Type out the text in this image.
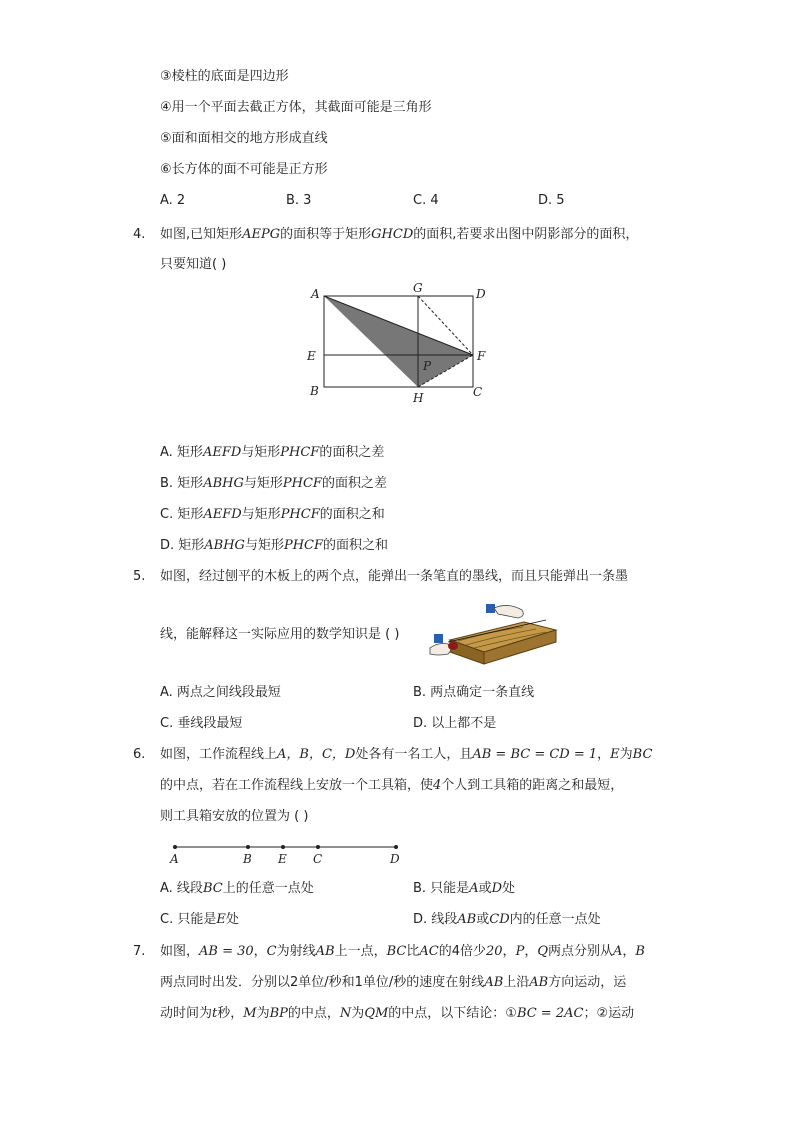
③棱柱的底面是四边形
④用一个平面去截正方体，其截面可能是三角形
⑤面和面相交的地方形成直线
⑥长方体的面不可能是正方形
A. 2	B. 3	C. 4	D. 5
4. 如图,已知矩形AEPG的面积等于矩形GHCD的面积,若要求出图中阴影部分的面积，
只要知道( )
A	G	D
E
P
F
B	H	C
A. 矩形AEFD与矩形PHCF的面积之差
B. 矩形ABHG与矩形PHCF的面积之差
C. 矩形AEFD与矩形PHCF的面积之和
D. 矩形ABHG与矩形PHCF的面积之和
5. 如图，经过刨平的木板上的两个点，能弹出一条笔直的墨线，而且只能弹出一条墨
线，能解释这一实际应用的数学知识是 ( )
A. 两点之间线段最短	B. 两点确定一条直线
C. 垂线段最短	D. 以上都不是
6. 如图，工作流程线上A，B，C，D处各有一名工人，且AB = BC = CD = 1，E为BC
的中点，若在工作流程线上安放一个工具箱，使4个人到工具箱的距离之和最短，
则工具箱安放的位置为 ( )
A	B E C	D
A. 线段BC上的任意一点处	B. 只能是A或D处
C. 只能是E处	D. 线段AB或CD内的任意一点处
7. 如图，AB = 30，C为射线AB上一点，BC比AC的4倍少20，P，Q两点分别从A，B
两点同时出发．分别以2单位/秒和1单位/秒的速度在射线AB上沿AB方向运动，运
动时间为t秒，M为BP的中点，N为QM的中点，以下结论：①BC = 2AC；②运动
